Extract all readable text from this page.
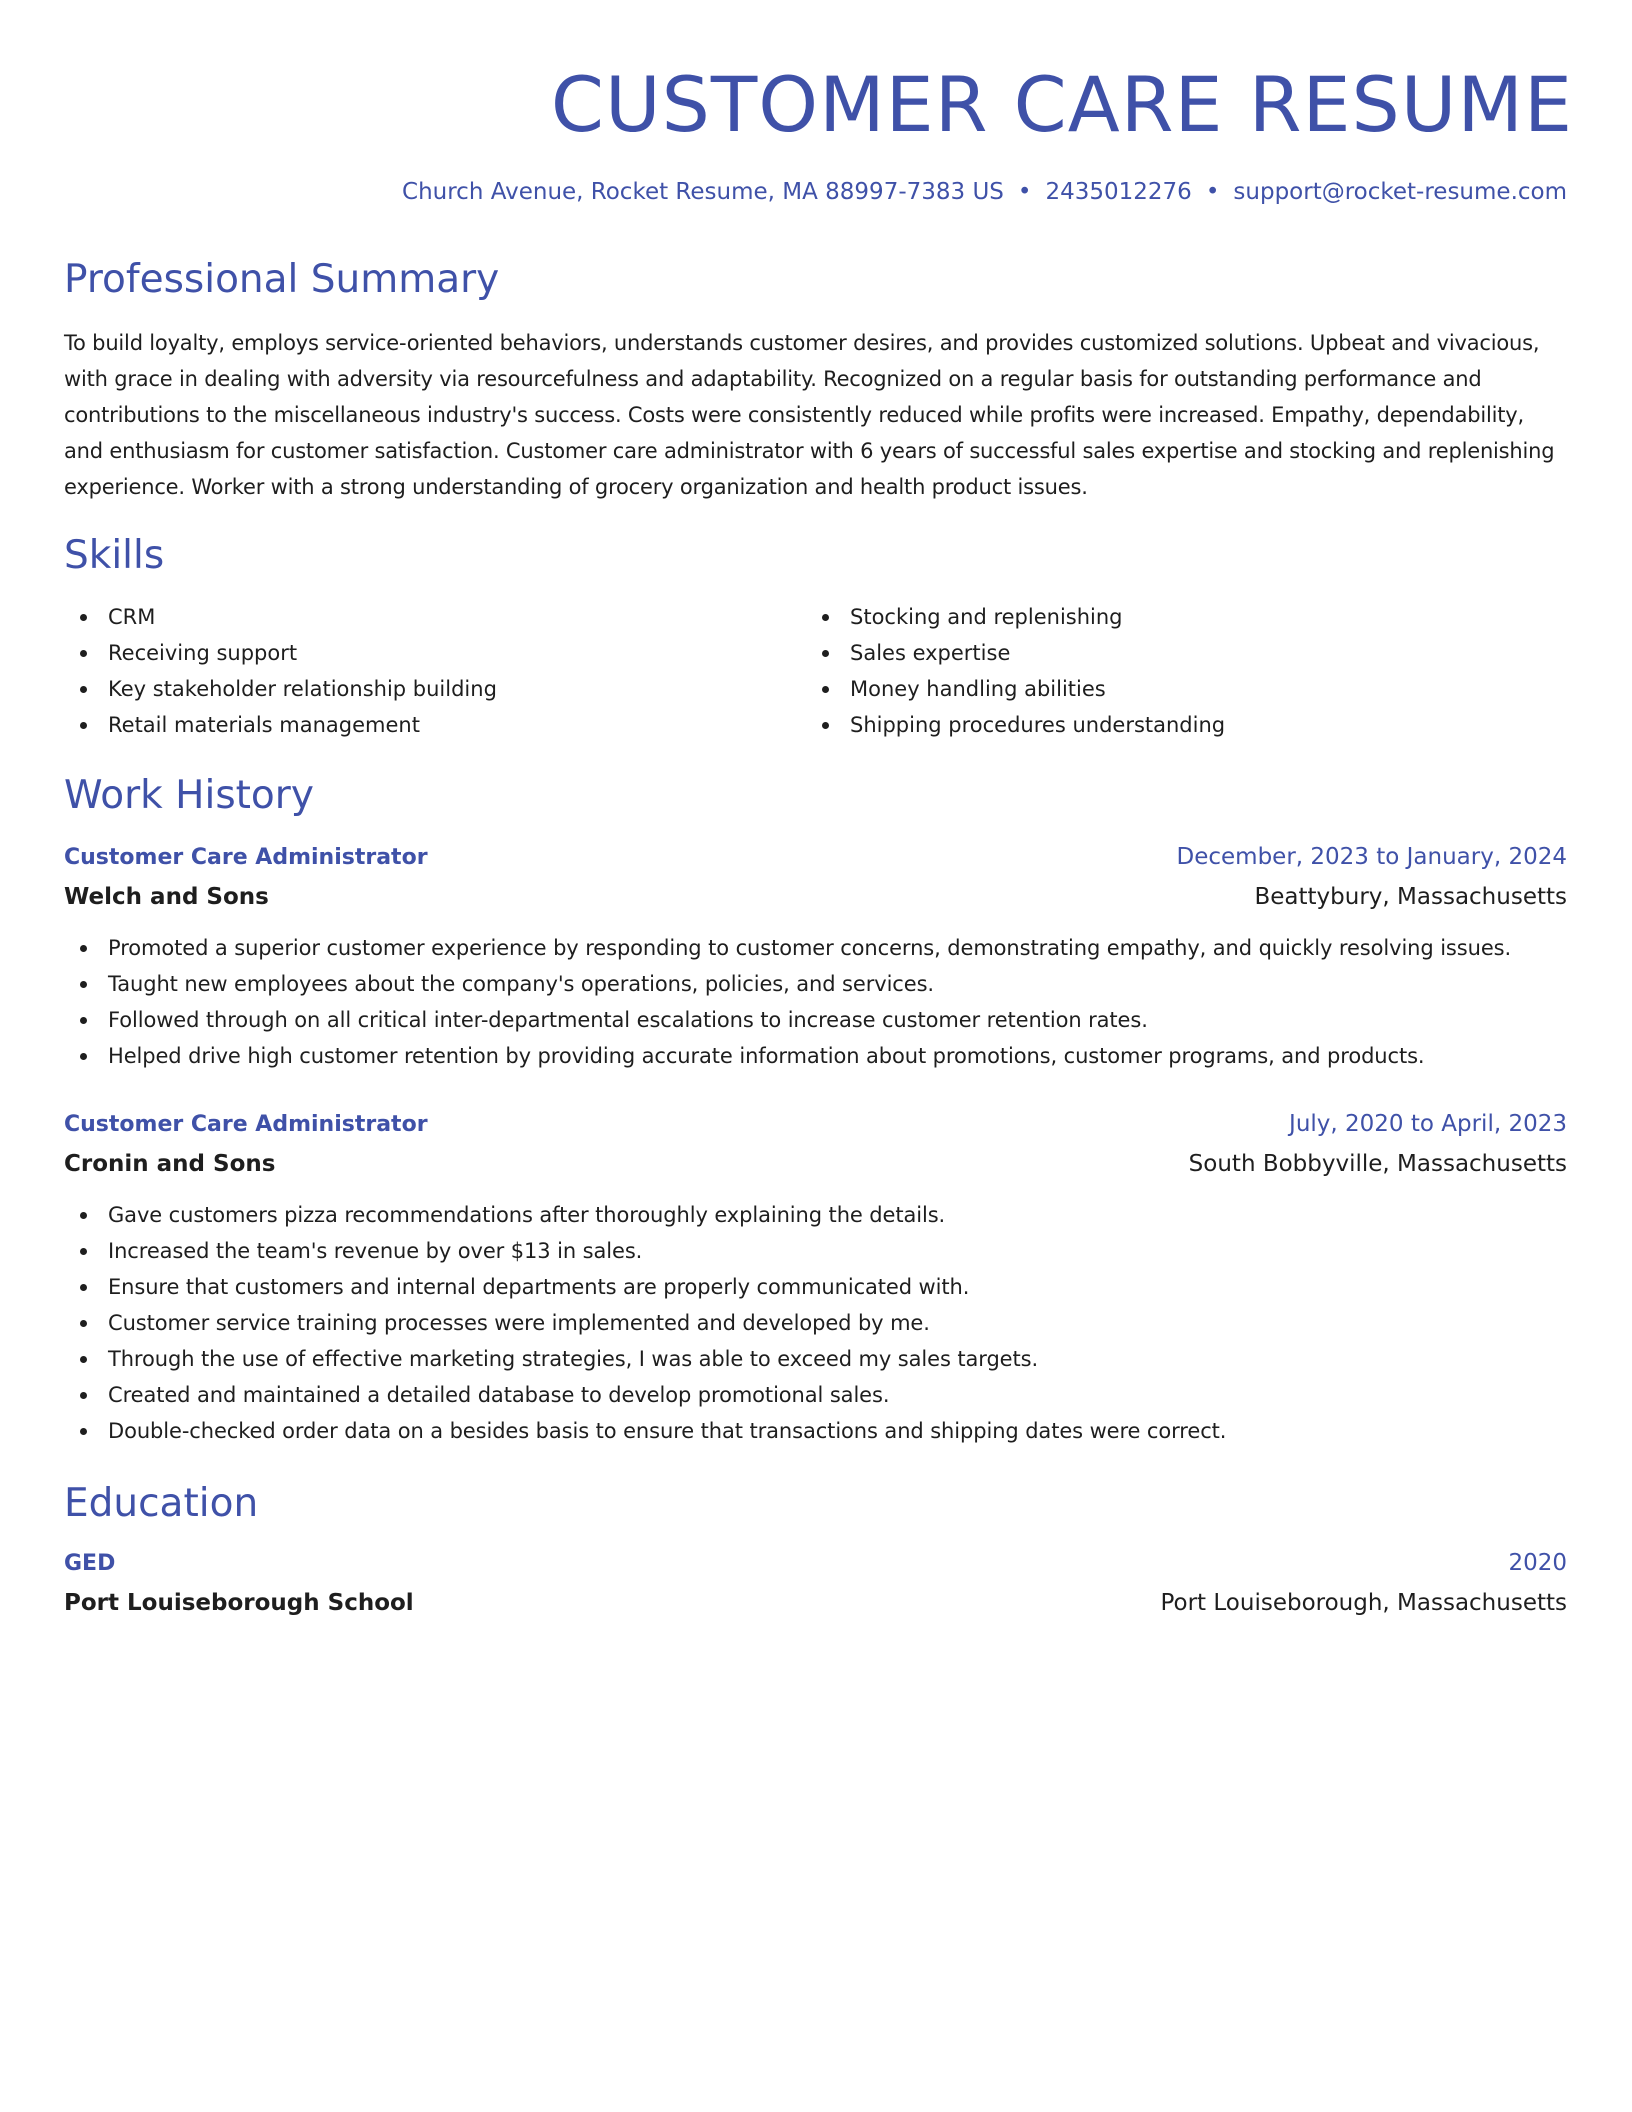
CUSTOMER CARE RESUME
Church Avenue, Rocket Resume, MA 88997-7383 US • 2435012276 • support@rocket-resume.com
Professional Summary

To build loyalty, employs service-oriented behaviors, understands customer desires, and provides customized solutions. Upbeat and vivacious, with grace in dealing with adversity via resourcefulness and adaptability. Recognized on a regular basis for outstanding performance and contributions to the miscellaneous industry's success. Costs were consistently reduced while profits were increased. Empathy, dependability, and enthusiasm for customer satisfaction. Customer care administrator with 6 years of successful sales expertise and stocking and replenishing experience. Worker with a strong understanding of grocery organization and health product issues.

Skills
CRM
Receiving support
Key stakeholder relationship building
Retail materials management
Stocking and replenishing
Sales expertise
Money handling abilities
Shipping procedures understanding
Work History
Customer Care Administrator	December, 2023 to January, 2024
Welch and Sons	Beattybury, Massachusetts
Promoted a superior customer experience by responding to customer concerns, demonstrating empathy, and quickly resolving issues.
Taught new employees about the company's operations, policies, and services.
Followed through on all critical inter-departmental escalations to increase customer retention rates.
Helped drive high customer retention by providing accurate information about promotions, customer programs, and products.
Customer Care Administrator	July, 2020 to April, 2023
Cronin and Sons	South Bobbyville, Massachusetts
Gave customers pizza recommendations after thoroughly explaining the details.
Increased the team's revenue by over $13 in sales.
Ensure that customers and internal departments are properly communicated with.
Customer service training processes were implemented and developed by me.
Through the use of effective marketing strategies, I was able to exceed my sales targets.
Created and maintained a detailed database to develop promotional sales.
Double-checked order data on a besides basis to ensure that transactions and shipping dates were correct.
Education
GED	2020
Port Louiseborough School	Port Louiseborough, Massachusetts
